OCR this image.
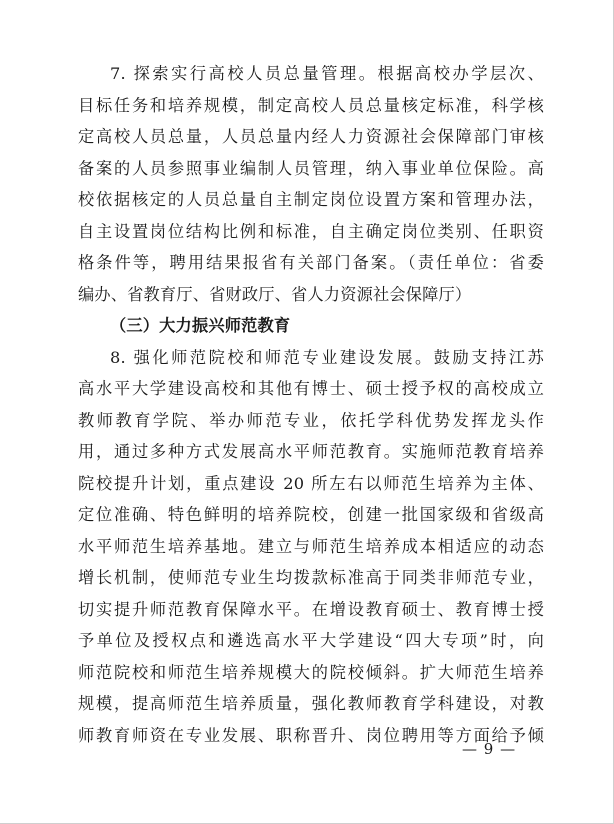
7. 探索实行高校人员总量管理。根据高校办学层次、
目标任务和培养规模，制定高校人员总量核定标准，科学核
定高校人员总量，人员总量内经人力资源社会保障部门审核
备案的人员参照事业编制人员管理，纳入事业单位保险。高
校依据核定的人员总量自主制定岗位设置方案和管理办法，
自主设置岗位结构比例和标准，自主确定岗位类别、任职资
格条件等，聘用结果报省有关部门备案。（责任单位：省委
编办、省教育厅、省财政厅、省人力资源社会保障厅）
（三）大力振兴师范教育
8. 强化师范院校和师范专业建设发展。鼓励支持江苏
高水平大学建设高校和其他有博士、硕士授予权的高校成立
教师教育学院、举办师范专业，依托学科优势发挥龙头作
用，通过多种方式发展高水平师范教育。实施师范教育培养
院校提升计划，重点建设 20 所左右以师范生培养为主体、
定位准确、特色鲜明的培养院校，创建一批国家级和省级高
水平师范生培养基地。建立与师范生培养成本相适应的动态
增长机制，使师范专业生均拨款标准高于同类非师范专业，
切实提升师范教育保障水平。在增设教育硕士、教育博士授
予单位及授权点和遴选高水平大学建设“四大专项”时，向
师范院校和师范生培养规模大的院校倾斜。扩大师范生培养
规模，提高师范生培养质量，强化教师教育学科建设，对教
师教育师资在专业发展、职称晋升、岗位聘用等方面给予倾
— 9 —
